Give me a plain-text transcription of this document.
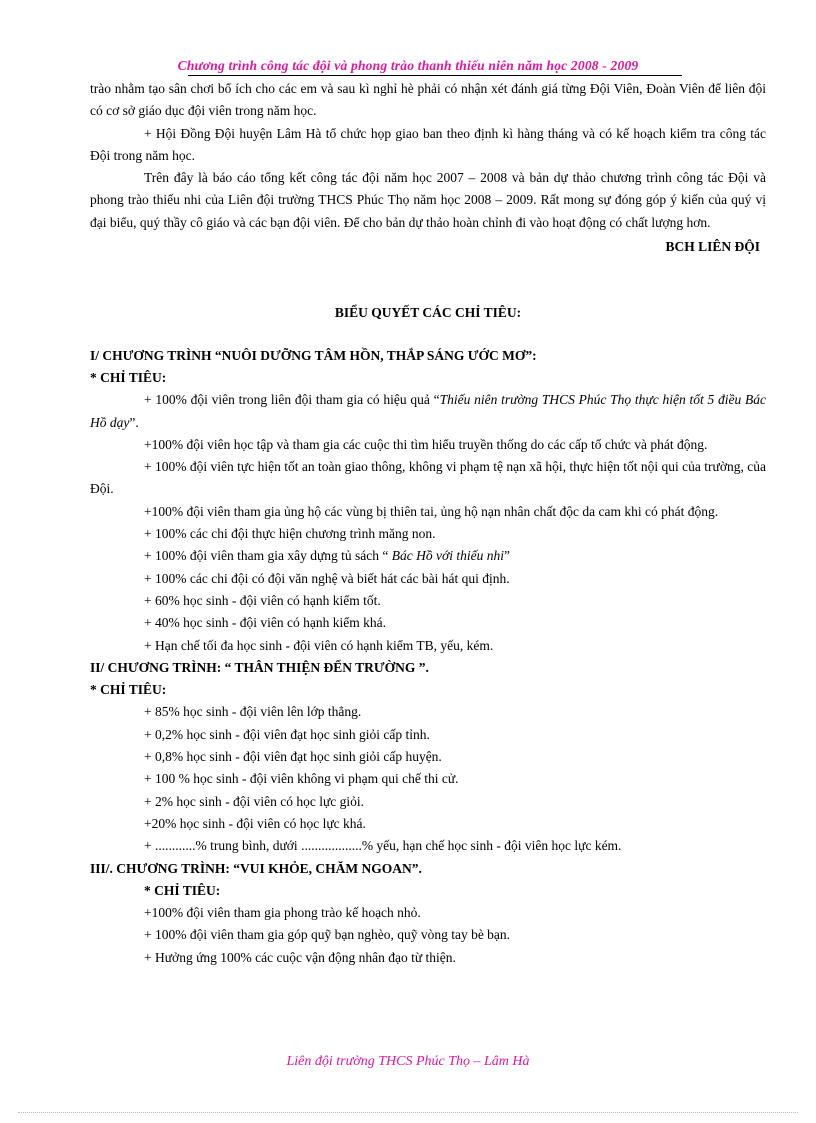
Chương trình công tác đội và phong trào thanh thiếu niên năm học 2008 - 2009

trào nhằm tạo sân chơi bổ ích cho các em và sau kì nghỉ hè phải có nhận xét đánh giá từng Đội Viên, Đoàn Viên để liên đội có cơ sở giáo dục đội viên trong năm học.

+ Hội Đồng Đội huyện Lâm Hà tổ chức họp giao ban theo định kì hàng tháng và có kế hoạch kiểm tra công tác Đội trong năm học.

Trên đây là báo cáo tổng kết công tác đội năm học 2007 – 2008 và bản dự thảo chương trình công tác Đội và phong trào thiếu nhi của Liên đội trường THCS Phúc Thọ năm học 2008 – 2009. Rất mong sự đóng góp ý kiến của quý vị đại biểu, quý thầy cô giáo và các bạn đội viên. Để cho bản dự thảo hoàn chỉnh đi vào hoạt động có chất lượng hơn.

BCH LIÊN ĐỘI

BIỂU QUYẾT CÁC CHỈ TIÊU:

I/ CHƯƠNG TRÌNH “NUÔI DƯỠNG TÂM HỒN, THẮP SÁNG ƯỚC MƠ”:

* CHỈ TIÊU:

+ 100% đội viên trong liên đội tham gia có hiệu quả “Thiếu niên trường THCS Phúc Thọ thực hiện tốt 5 điều Bác Hồ dạy”.

+100% đội viên học tập và tham gia các cuộc thi tìm hiểu truyền thống do các cấp tổ chức và phát động.

+ 100% đội viên tực hiện tốt an toàn giao thông, không vi phạm tệ nạn xã hội, thực hiện tốt nội qui của trường, của Đội.

+100% đội viên tham gia ủng hộ các vùng bị thiên tai, ủng hộ nạn nhân chất độc da cam khi có phát động.

+ 100% các chi đội thực hiện chương trình măng non.

+ 100% đội viên tham gia xây dựng tủ sách “ Bác Hồ với thiếu nhi”

+ 100% các chi đội có đội văn nghệ và biết hát các bài hát qui định.

+ 60% học sinh - đội viên có hạnh kiểm tốt.

+ 40% học sinh - đội viên có hạnh kiểm khá.

+ Hạn chế tối đa học sinh - đội viên có hạnh kiểm TB, yếu, kém.

II/ CHƯƠNG TRÌNH: “ THÂN THIỆN ĐẾN TRƯỜNG ”.

* CHỈ TIÊU:

+ 85% học sinh - đội viên lên lớp thẳng.

+ 0,2% học sinh - đội viên đạt học sinh giỏi cấp tỉnh.

+ 0,8% học sinh - đội viên đạt học sinh giỏi cấp huyện.

+ 100 % học sinh - đội viên không vi phạm qui chế thi cử.

+ 2% học sinh - đội viên có học lực giỏi.

+20% học sinh - đội viên có học lực khá.

+ ............% trung bình, dưới ..................% yếu, hạn chế học sinh - đội viên học lực kém.

III/. CHƯƠNG TRÌNH: “VUI KHỎE, CHĂM NGOAN”.

* CHỈ TIÊU:

+100% đội viên tham gia phong trào kế hoạch nhỏ.

+ 100% đội viên tham gia góp quỹ bạn nghèo, quỹ vòng tay bè bạn.

+ Hưởng ứng 100% các cuộc vận động nhân đạo từ thiện.

Liên đội trường THCS Phúc Thọ – Lâm Hà
